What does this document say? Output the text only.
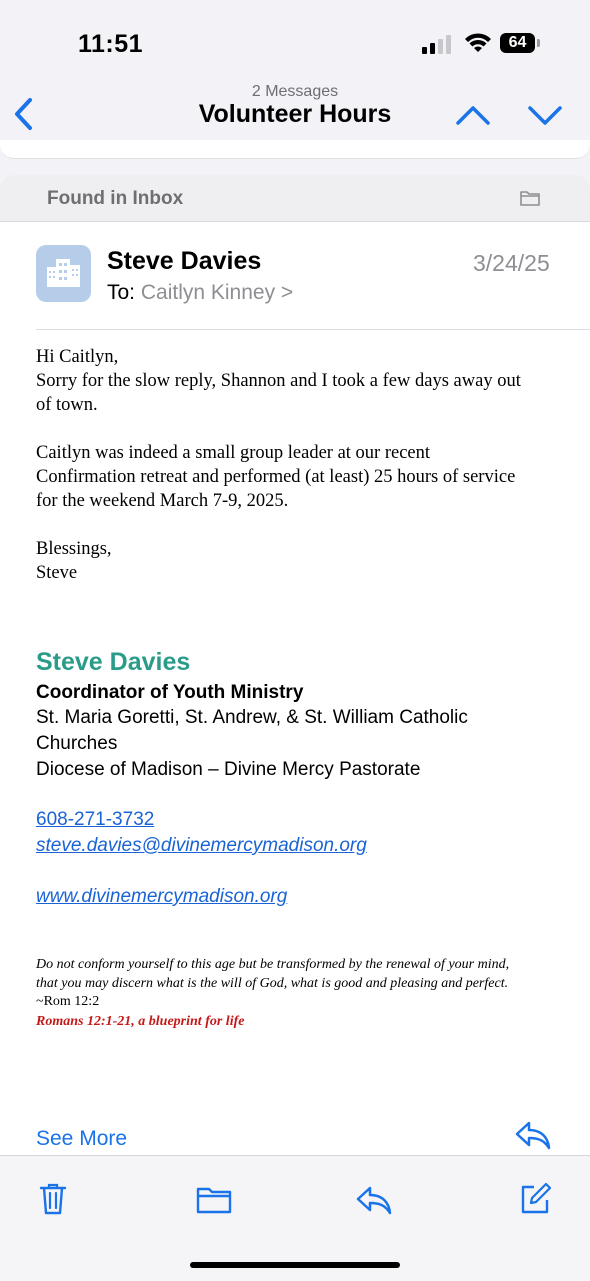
11:51	64
2 Messages
Volunteer Hours
Found in Inbox
Steve Davies	3/24/25
To: Caitlyn Kinney >
Hi Caitlyn,
Sorry for the slow reply, Shannon and I took a few days away out
of town.
Caitlyn was indeed a small group leader at our recent
Confirmation retreat and performed (at least) 25 hours of service
for the weekend March 7-9, 2025.
Blessings,
Steve
Steve Davies
Coordinator of Youth Ministry
St. Maria Goretti, St. Andrew, & St. William Catholic
Churches
Diocese of Madison – Divine Mercy Pastorate
608-271-3732
steve.davies@divinemercymadison.org
www.divinemercymadison.org
Do not conform yourself to this age but be transformed by the renewal of your mind,
that you may discern what is the will of God, what is good and pleasing and perfect.
~Rom 12:2
Romans 12:1-21, a blueprint for life
See More
